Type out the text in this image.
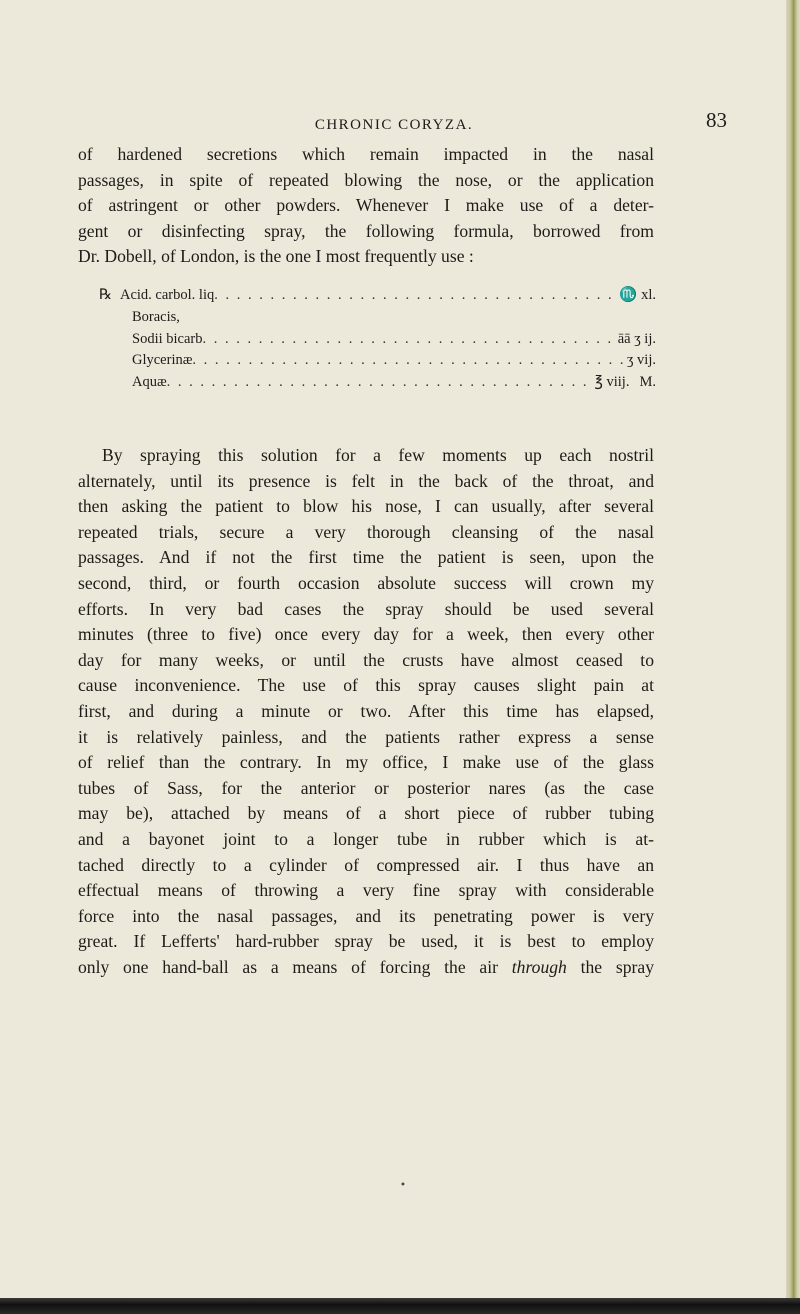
CHRONIC CORYZA.	83
of hardened secretions which remain impacted in the nasal
passages, in spite of repeated blowing the nose, or the application
of astringent or other powders. Whenever I make use of a deter-
gent or disinfecting spray, the following formula, borrowed from
Dr. Dobell, of London, is the one I most frequently use :
℞ Acid. carbol. liq . . .	♏ xl.
Boracis,
Sodii bicarb . . .	āā ʒ ij.
Glycerinæ . . .	ʒ vij.
Aquæ . . .	℥ viij. M.
By spraying this solution for a few moments up each nostril
alternately, until its presence is felt in the back of the throat, and
then asking the patient to blow his nose, I can usually, after several
repeated trials, secure a very thorough cleansing of the nasal
passages. And if not the first time the patient is seen, upon the
second, third, or fourth occasion absolute success will crown my
efforts. In very bad cases the spray should be used several
minutes (three to five) once every day for a week, then every other
day for many weeks, or until the crusts have almost ceased to
cause inconvenience. The use of this spray causes slight pain at
first, and during a minute or two. After this time has elapsed,
it is relatively painless, and the patients rather express a sense
of relief than the contrary. In my office, I make use of the glass
tubes of Sass, for the anterior or posterior nares (as the case
may be), attached by means of a short piece of rubber tubing
and a bayonet joint to a longer tube in rubber which is at-
tached directly to a cylinder of compressed air. I thus have an
effectual means of throwing a very fine spray with considerable
force into the nasal passages, and its penetrating power is very
great. If Lefferts' hard-rubber spray be used, it is best to employ
only one hand-ball as a means of forcing the air through the spray
•
